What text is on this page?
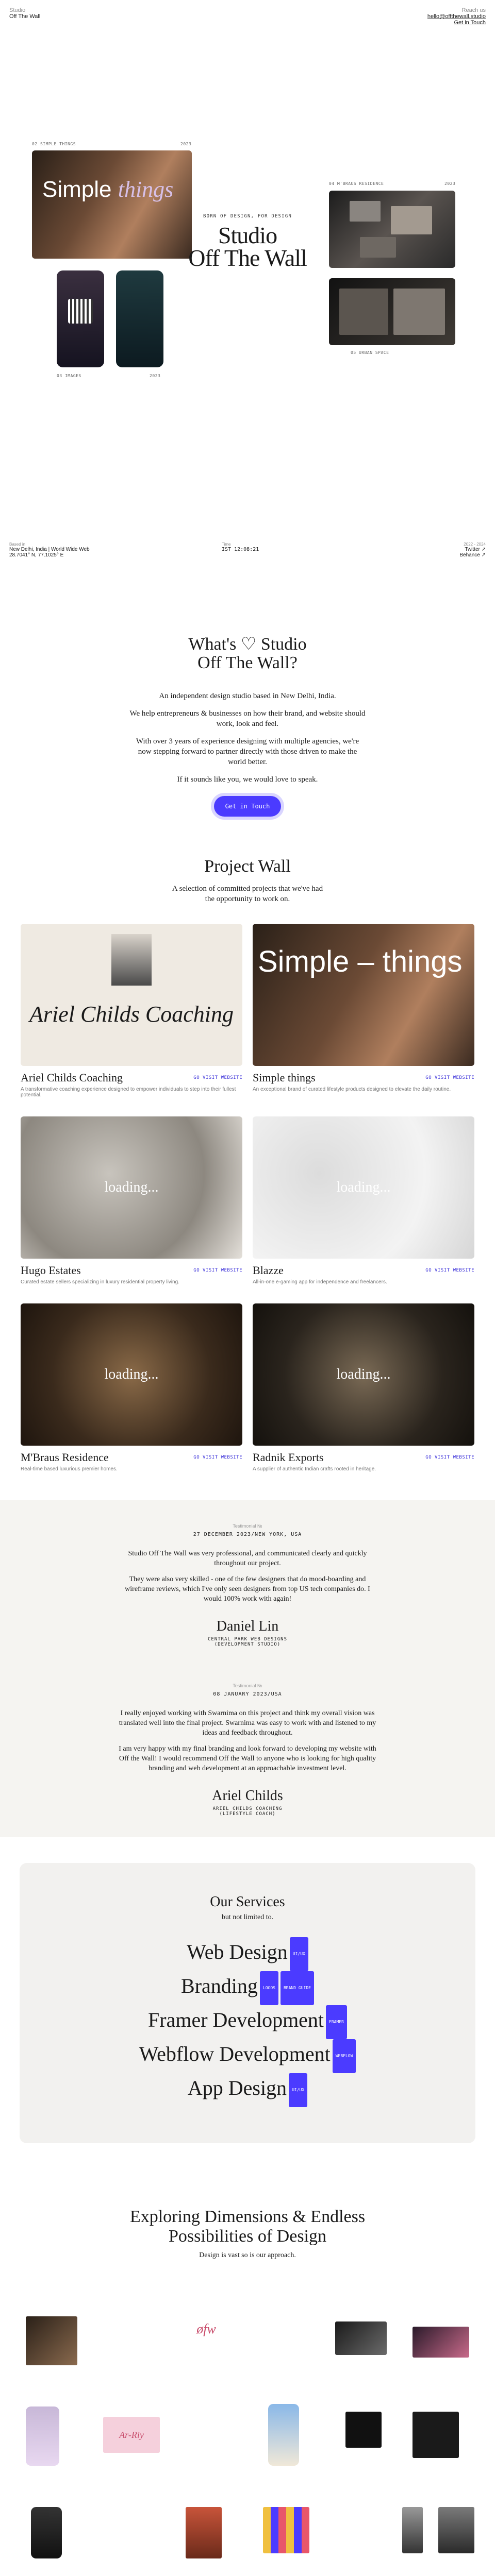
Studio
Off The Wall
Reach us
hello@offthewall.studio
Get in Touch
02 SIMPLE THINGS	2023
Simple things
03 IMAGES	2023
BORN OF DESIGN, FOR DESIGN
Studio
Off The Wall
04 M'BRAUS RESIDENCE	2023
05 URBAN SPACE
Based in
New Delhi, India | World Wide Web
28.7041° N, 77.1025° E
Time
IST 12:08:21
2022 - 2024
Twitter ↗
Behance ↗
What's ♡ Studio
Off The Wall?

An independent design studio based in New Delhi, India.

We help entrepreneurs & businesses on how their brand, and website should work, look and feel.

With over 3 years of experience designing with multiple agencies, we're now stepping forward to partner directly with those driven to make the world better.

If it sounds like you, we would love to speak.

Get in Touch
Project Wall

A selection of committed projects that we've had the opportunity to work on.

Ariel Childs Coaching
Ariel Childs Coaching	GO VISIT WEBSITE
A transformative coaching experience designed to empower individuals to step into their fullest potential.
Simple – things
Simple things	GO VISIT WEBSITE
An exceptional brand of curated lifestyle products designed to elevate the daily routine.
loading...
Hugo Estates	GO VISIT WEBSITE
Curated estate sellers specializing in luxury residential property living.
loading...
Blazze	GO VISIT WEBSITE
All-in-one e-gaming app for independence and freelancers.
loading...
M'Braus Residence	GO VISIT WEBSITE
Real-time based luxurious premier homes.
loading...
Radnik Exports	GO VISIT WEBSITE
A supplier of authentic Indian crafts rooted in heritage.
Testimonial №
27 DECEMBER 2023/NEW YORK, USA
Studio Off The Wall was very professional, and communicated clearly and quickly throughout our project.
They were also very skilled - one of the few designers that do mood-boarding and wireframe reviews, which I've only seen designers from top US tech companies do. I would 100% work with again!
Daniel Lin
CENTRAL PARK WEB DESIGNS
(DEVELOPMENT STUDIO)
Testimonial №
08 JANUARY 2023/USA
I really enjoyed working with Swarnima on this project and think my overall vision was translated well into the final project. Swarnima was easy to work with and listened to my ideas and feedback throughout.
I am very happy with my final branding and look forward to developing my website with Off the Wall! I would recommend Off the Wall to anyone who is looking for high quality branding and web development at an approachable investment level.
Ariel Childs
ARIEL CHILDS COACHING
(LIFESTYLE COACH)
Our Services
but not limited to.
Web Design UI/UX
Branding LOGOS BRAND GUIDE
Framer Development FRAMER
Webflow Development WEBFLOW
App Design UI/UX
Exploring Dimensions & Endless
Possibilities of Design

Design is vast so is our approach.

øfw
Ar-Riy
